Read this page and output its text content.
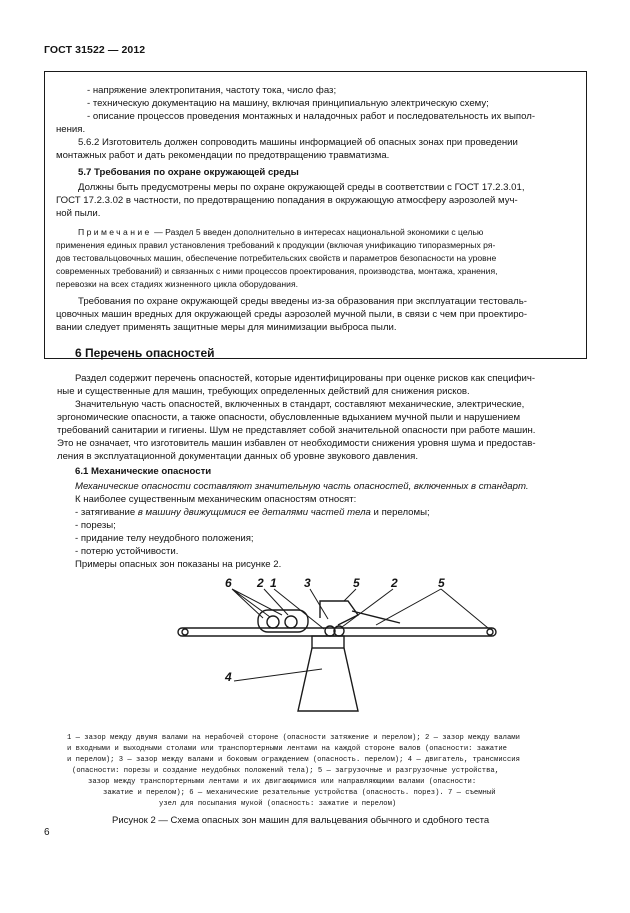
ГОСТ 31522 — 2012
- напряжение электропитания, частоту тока, число фаз;
- техническую документацию на машину, включая принципиальную электрическую схему;
- описание процессов проведения монтажных и наладочных работ и последовательность их выпол-
нения.
5.6.2 Изготовитель должен сопроводить машины информацией об опасных зонах при проведении
монтажных работ и дать рекомендации по предотвращению травматизма.
5.7 Требования по охране окружающей среды
Должны быть предусмотрены меры по охране окружающей среды в соответствии с ГОСТ 17.2.3.01,
ГОСТ 17.2.3.02 в частности, по предотвращению попадания в окружающую атмосферу аэрозолей муч-
ной пыли.
Примечание — Раздел 5 введен дополнительно в интересах национальной экономики с целью
применения единых правил установления требований к продукции (включая унификацию типоразмерных ря-
дов тестовальцовочных машин, обеспечение потребительских свойств и параметров безопасности на уровне
современных требований) и связанных с ними процессов проектирования, производства, монтажа, хранения,
перевозки на всех стадиях жизненного цикла оборудования.
Требования по охране окружающей среды введены из-за образования при эксплуатации тестоваль-
цовочных машин вредных для окружающей среды аэрозолей мучной пыли, в связи с чем при проектиро-
вании следует применять защитные меры для минимизации выброса пыли.
6 Перечень опасностей
Раздел содержит перечень опасностей, которые идентифицированы при оценке рисков как специфич-
ные и существенные для машин, требующих определенных действий для снижения рисков.
Значительную часть опасностей, включенных в стандарт, составляют механические, электрические,
эргономические опасности, а также опасности, обусловленные вдыханием мучной пыли и нарушением
требований санитарии и гигиены. Шум не представляет собой значительной опасности при работе машин.
Это не означает, что изготовитель машин избавлен от необходимости снижения уровня шума и предостав-
ления в эксплуатационной документации данных об уровне звукового давления.
6.1 Механические опасности
Механические опасности составляют значительную часть опасностей, включенных в стандарт.
К наиболее существенным механическим опасностям относят:
- затягивание в машину движущимися ее деталями частей тела и переломы;
- порезы;
- придание телу неудобного положения;
- потерю устойчивости.
Примеры опасных зон показаны на рисунке 2.
6 2 1 3	5	2	5
4
1 — зазор между двумя валами на нерабочей стороне (опасности затяжение и перелом); 2 — зазор между валами
и входными и выходными столами или транспортерными лентами на каждой стороне валов (опасности: зажатие
и перелом); 3 — зазор между валами и боковым ограждением (опасность. перелом); 4 — двигатель, трансмиссия
(опасности: порезы и создание неудобных положений тела); 5 — загрузочные и разгрузочные устройства,
зазор между транспортерными лентами и их двигающимися или направляющими валами (опасности:
зажатие и перелом); 6 — механические резательные устройства (опасность. порез). 7 — съемный
узел для посыпания мукой (опасность: зажатие и перелом)
Рисунок 2 — Схема опасных зон машин для вальцевания обычного и сдобного теста
6
